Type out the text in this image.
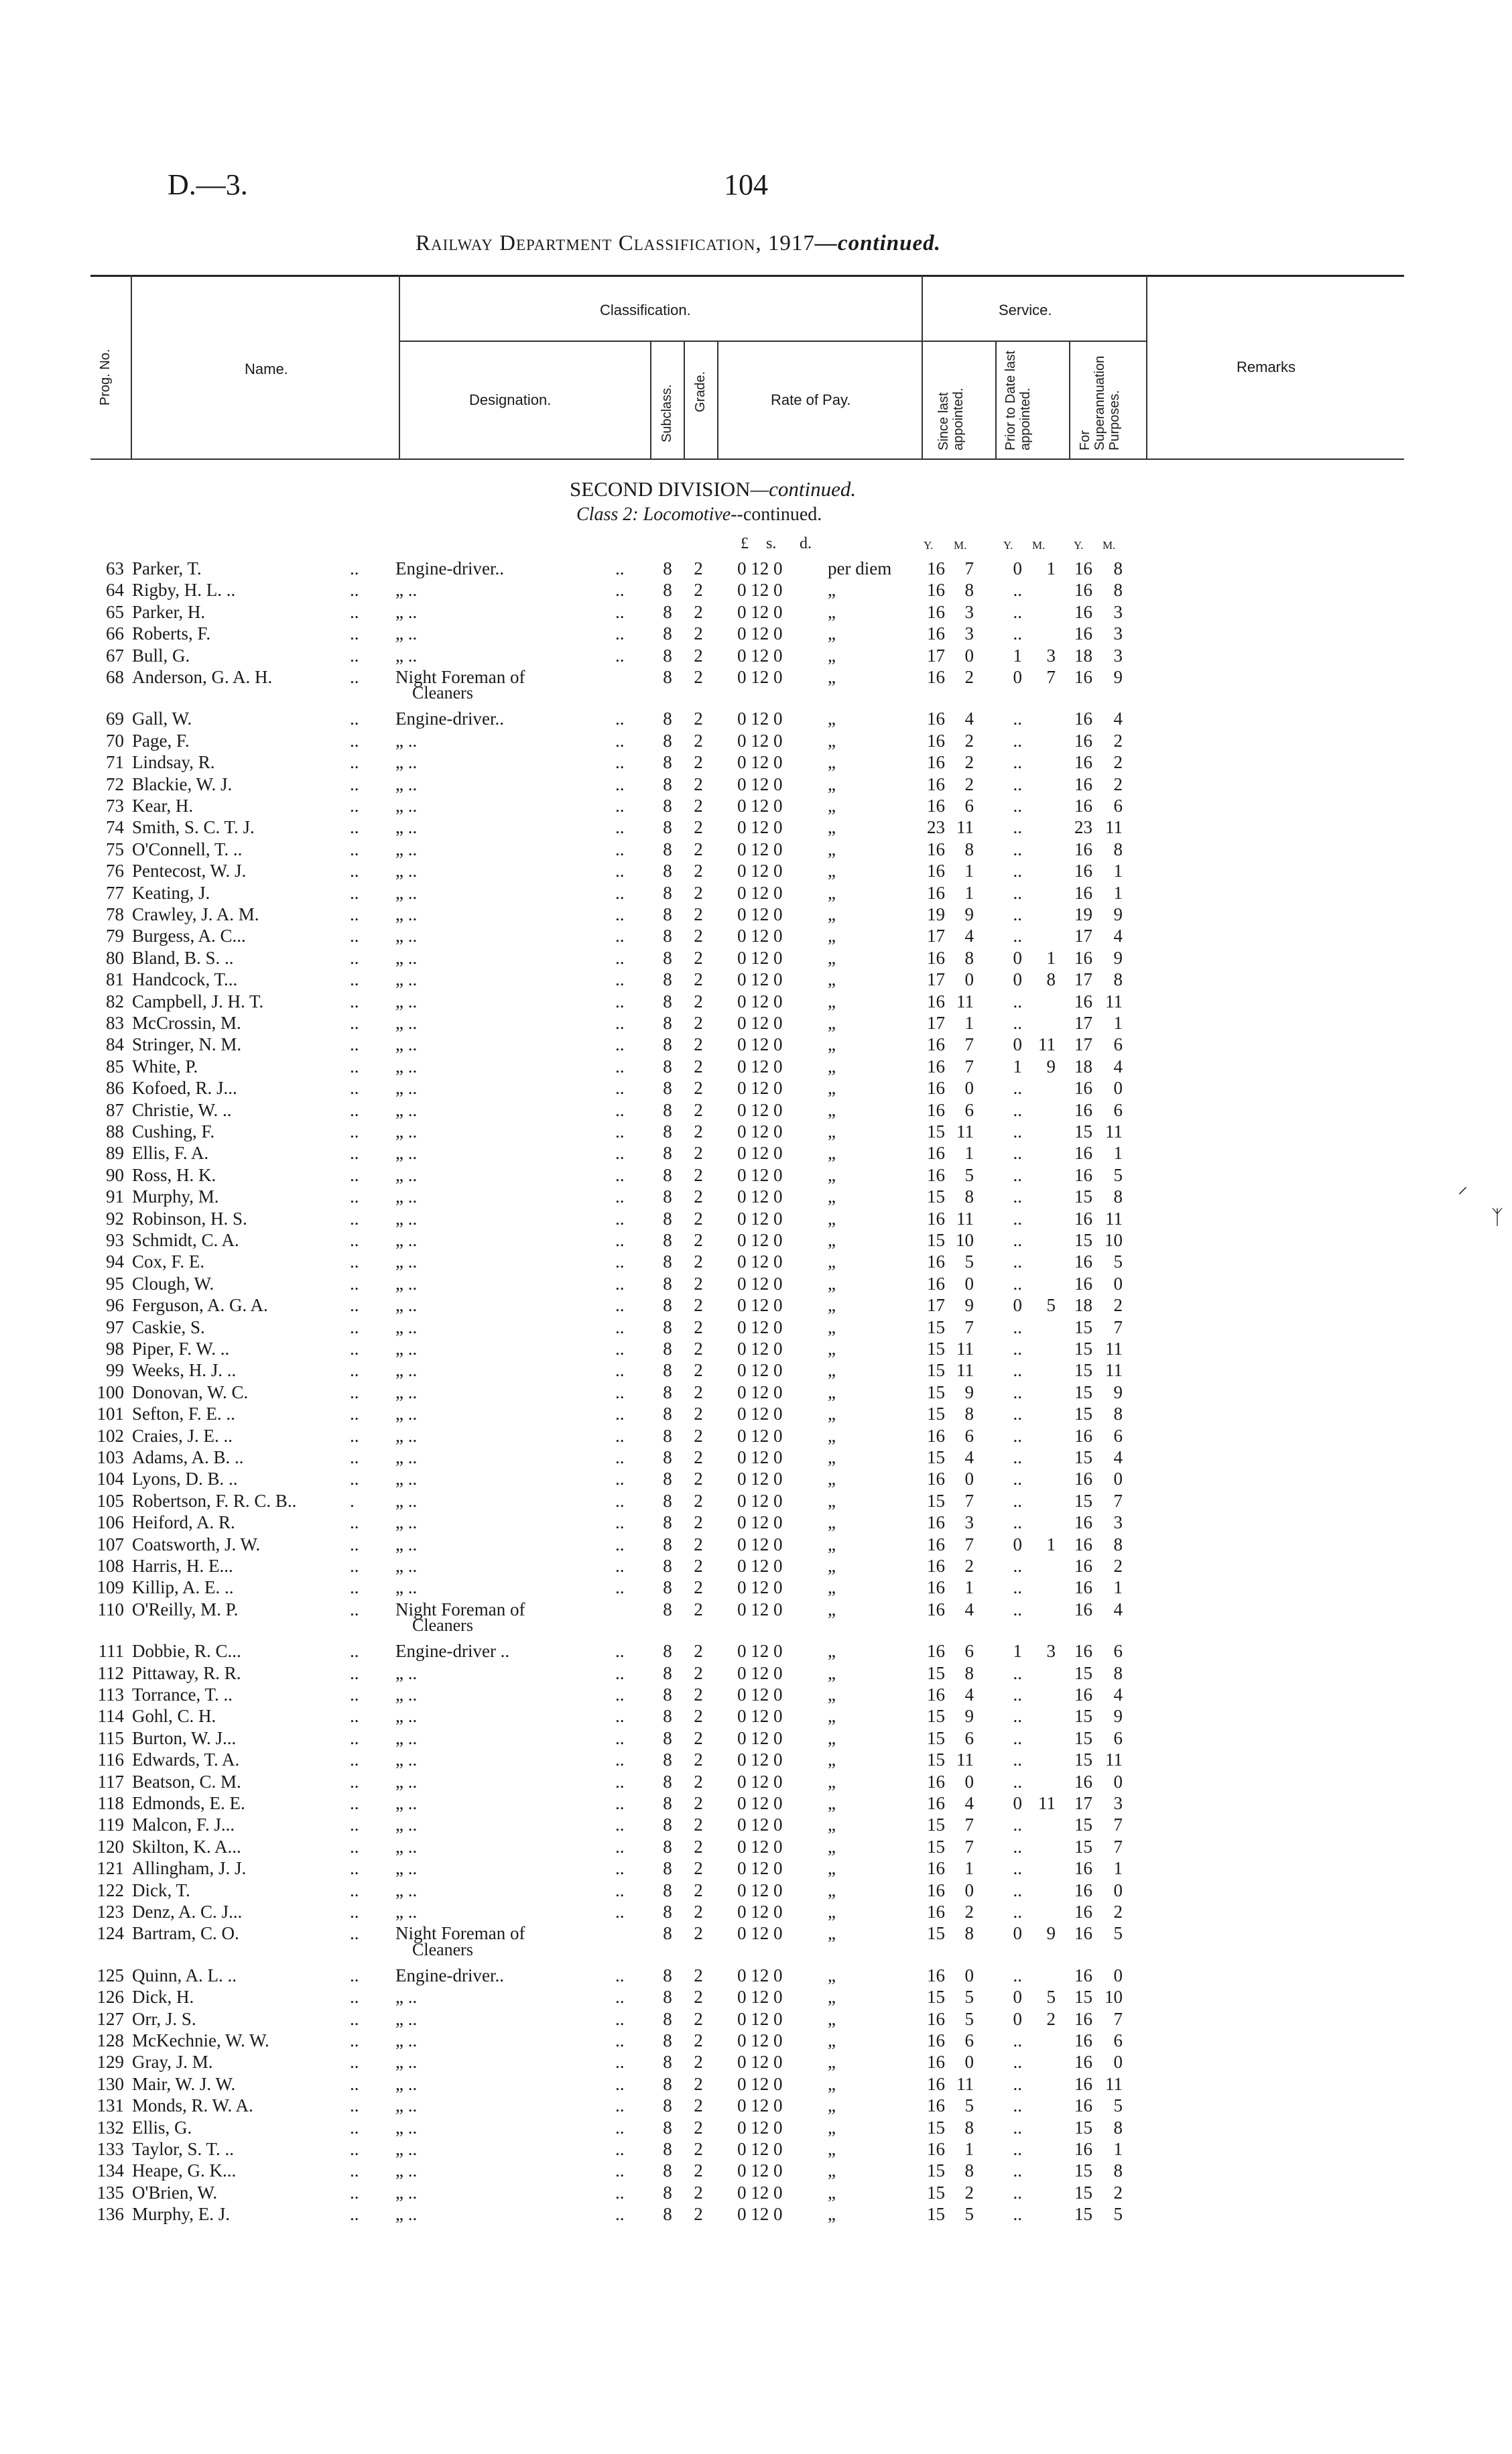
D.—3.	104
Railway Department Classification, 1917—continued.
Prog. No.	Name.
Classification.
Designation.	Subclass. Grade.	Rate of Pay.
Service.
Since last appointed.	Prior to Date last appointed.	For Superannuation Purposes.
Remarks
SECOND DIVISION—continued.
Class 2: Locomotive--continued.
£ s. d.	Y. M.	Y. M.	Y. M.
63 Parker, T.	.. Engine-driver..	..	8	2	0 12 0	per diem	16	7	0	1	16	8
64 Rigby, H. L. ..	.. „ ..	..	8	2	0 12 0	„	16	8	..	16	8
65 Parker, H.	.. „ ..	..	8	2	0 12 0	„	16	3	..	16	3
66 Roberts, F.	.. „ ..	..	8	2	0 12 0	„	16	3	..	16	3
67 Bull, G.	.. „ ..	..	8	2	0 12 0	„	17	0	1	3	18	3
68 Anderson, G. A. H.	.. Night Foreman of	8	2	0 12 0	„	16	2	0	7	16	9
Cleaners
69 Gall, W.	.. Engine-driver..	..	8	2	0 12 0	„	16	4	..	16	4
70 Page, F.	.. „ ..	..	8	2	0 12 0	„	16	2	..	16	2
71 Lindsay, R.	.. „ ..	..	8	2	0 12 0	„	16	2	..	16	2
72 Blackie, W. J.	.. „ ..	..	8	2	0 12 0	„	16	2	..	16	2
73 Kear, H.	.. „ ..	..	8	2	0 12 0	„	16	6	..	16	6
74 Smith, S. C. T. J.	.. „ ..	..	8	2	0 12 0	„	23 11	..	23 11
75 O'Connell, T. ..	.. „ ..	..	8	2	0 12 0	„	16	8	..	16	8
76 Pentecost, W. J.	.. „ ..	..	8	2	0 12 0	„	16	1	..	16	1
77 Keating, J.	.. „ ..	..	8	2	0 12 0	„	16	1	..	16	1
78 Crawley, J. A. M.	.. „ ..	..	8	2	0 12 0	„	19	9	..	19	9
79 Burgess, A. C...	.. „ ..	..	8	2	0 12 0	„	17	4	..	17	4
80 Bland, B. S. ..	.. „ ..	..	8	2	0 12 0	„	16	8	0	1	16	9
81 Handcock, T...	.. „ ..	..	8	2	0 12 0	„	17	0	0	8	17	8
82 Campbell, J. H. T.	.. „ ..	..	8	2	0 12 0	„	16 11	..	16 11
83 McCrossin, M.	.. „ ..	..	8	2	0 12 0	„	17	1	..	17	1
84 Stringer, N. M.	.. „ ..	..	8	2	0 12 0	„	16	7	0 11	17	6
85 White, P.	.. „ ..	..	8	2	0 12 0	„	16	7	1	9	18	4
86 Kofoed, R. J...	.. „ ..	..	8	2	0 12 0	„	16	0	..	16	0
87 Christie, W. ..	.. „ ..	..	8	2	0 12 0	„	16	6	..	16	6
88 Cushing, F.	.. „ ..	..	8	2	0 12 0	„	15 11	..	15 11
89 Ellis, F. A.	.. „ ..	..	8	2	0 12 0	„	16	1	..	16	1
90 Ross, H. K.	.. „ ..	..	8	2	0 12 0	„	16	5	..	16	5
91 Murphy, M.	.. „ ..	..	8	2	0 12 0	„	15	8	..	15	8
92 Robinson, H. S.	.. „ ..	..	8	2	0 12 0	„	16 11	..	16 11
93 Schmidt, C. A.	.. „ ..	..	8	2	0 12 0	„	15 10	..	15 10
94 Cox, F. E.	.. „ ..	..	8	2	0 12 0	„	16	5	..	16	5
95 Clough, W.	.. „ ..	..	8	2	0 12 0	„	16	0	..	16	0
96 Ferguson, A. G. A.	.. „ ..	..	8	2	0 12 0	„	17	9	0	5	18	2
97 Caskie, S.	.. „ ..	..	8	2	0 12 0	„	15	7	..	15	7
98 Piper, F. W. ..	.. „ ..	..	8	2	0 12 0	„	15 11	..	15 11
99 Weeks, H. J. ..	.. „ ..	..	8	2	0 12 0	„	15 11	..	15 11
100 Donovan, W. C.	.. „ ..	..	8	2	0 12 0	„	15	9	..	15	9
101 Sefton, F. E. ..	.. „ ..	..	8	2	0 12 0	„	15	8	..	15	8
102 Craies, J. E. ..	.. „ ..	..	8	2	0 12 0	„	16	6	..	16	6
103 Adams, A. B. ..	.. „ ..	..	8	2	0 12 0	„	15	4	..	15	4
104 Lyons, D. B. ..	.. „ ..	..	8	2	0 12 0	„	16	0	..	16	0
105 Robertson, F. R. C. B..	. „ ..	..	8	2	0 12 0	„	15	7	..	15	7
106 Heiford, A. R.	.. „ ..	..	8	2	0 12 0	„	16	3	..	16	3
107 Coatsworth, J. W.	.. „ ..	..	8	2	0 12 0	„	16	7	0	1	16	8
108 Harris, H. E...	.. „ ..	..	8	2	0 12 0	„	16	2	..	16	2
109 Killip, A. E. ..	.. „ ..	..	8	2	0 12 0	„	16	1	..	16	1
110 O'Reilly, M. P.	.. Night Foreman of	8	2	0 12 0	„	16	4	..	16	4
Cleaners
111 Dobbie, R. C...	.. Engine-driver ..	..	8	2	0 12 0	„	16	6	1	3	16	6
112 Pittaway, R. R.	.. „ ..	..	8	2	0 12 0	„	15	8	..	15	8
113 Torrance, T. ..	.. „ ..	..	8	2	0 12 0	„	16	4	..	16	4
114 Gohl, C. H.	.. „ ..	..	8	2	0 12 0	„	15	9	..	15	9
115 Burton, W. J...	.. „ ..	..	8	2	0 12 0	„	15	6	..	15	6
116 Edwards, T. A.	.. „ ..	..	8	2	0 12 0	„	15 11	..	15 11
117 Beatson, C. M.	.. „ ..	..	8	2	0 12 0	„	16	0	..	16	0
118 Edmonds, E. E.	.. „ ..	..	8	2	0 12 0	„	16	4	0 11	17	3
119 Malcon, F. J...	.. „ ..	..	8	2	0 12 0	„	15	7	..	15	7
120 Skilton, K. A...	.. „ ..	..	8	2	0 12 0	„	15	7	..	15	7
121 Allingham, J. J.	.. „ ..	..	8	2	0 12 0	„	16	1	..	16	1
122 Dick, T.	.. „ ..	..	8	2	0 12 0	„	16	0	..	16	0
123 Denz, A. C. J...	.. „ ..	..	8	2	0 12 0	„	16	2	..	16	2
124 Bartram, C. O.	.. Night Foreman of	8	2	0 12 0	„	15	8	0	9	16	5
Cleaners
125 Quinn, A. L. ..	.. Engine-driver..	..	8	2	0 12 0	„	16	0	..	16	0
126 Dick, H.	.. „ ..	..	8	2	0 12 0	„	15	5	0	5	15 10
127 Orr, J. S.	.. „ ..	..	8	2	0 12 0	„	16	5	0	2	16	7
128 McKechnie, W. W.	.. „ ..	..	8	2	0 12 0	„	16	6	..	16	6
129 Gray, J. M.	.. „ ..	..	8	2	0 12 0	„	16	0	..	16	0
130 Mair, W. J. W.	.. „ ..	..	8	2	0 12 0	„	16 11	..	16 11
131 Monds, R. W. A.	.. „ ..	..	8	2	0 12 0	„	16	5	..	16	5
132 Ellis, G.	.. „ ..	..	8	2	0 12 0	„	15	8	..	15	8
133 Taylor, S. T. ..	.. „ ..	..	8	2	0 12 0	„	16	1	..	16	1
134 Heape, G. K...	.. „ ..	..	8	2	0 12 0	„	15	8	..	15	8
135 O'Brien, W.	.. „ ..	..	8	2	0 12 0	„	15	2	..	15	2
136 Murphy, E. J.	.. „ ..	..	8	2	0 12 0	„	15	5	..	15	5
⸍
ᛉ
